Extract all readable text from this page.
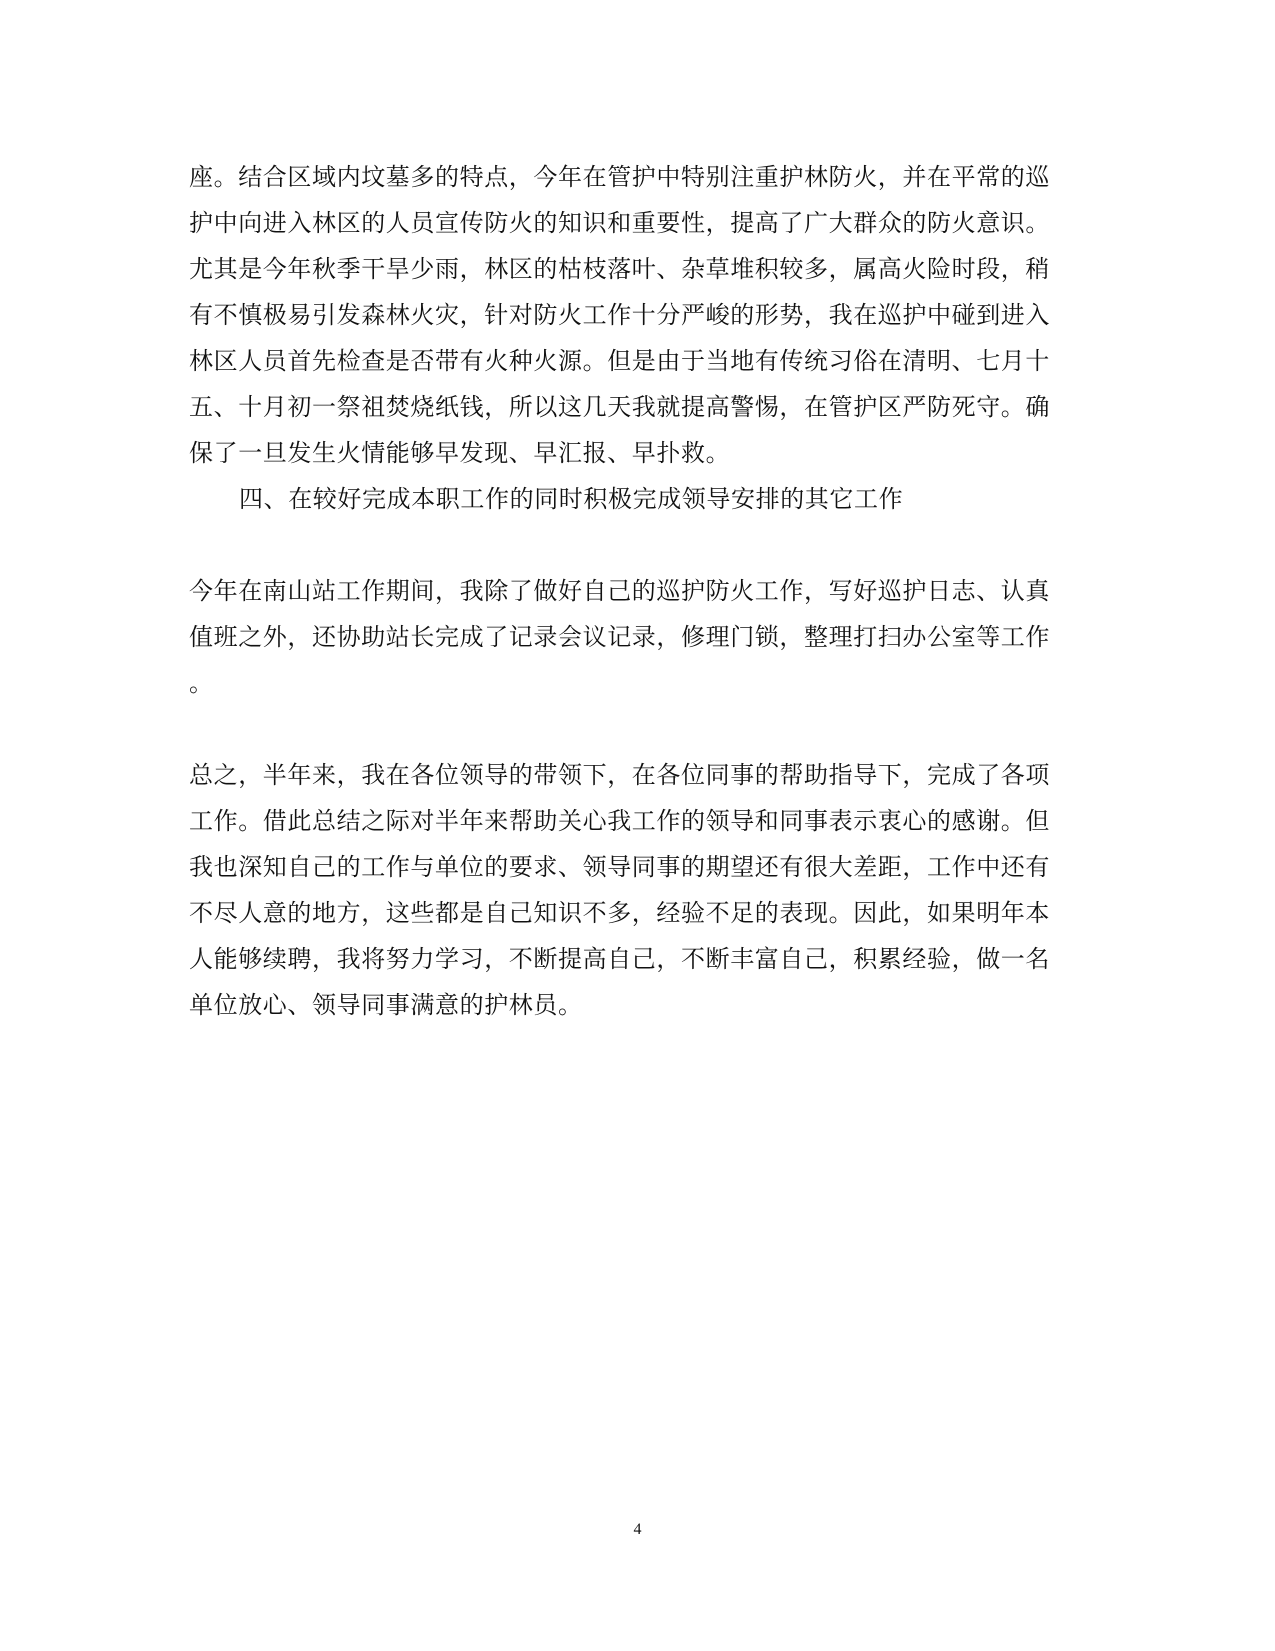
座。结合区域内坟墓多的特点，今年在管护中特别注重护林防火，并在平常的巡
护中向进入林区的人员宣传防火的知识和重要性，提高了广大群众的防火意识。
尤其是今年秋季干旱少雨，林区的枯枝落叶、杂草堆积较多，属高火险时段，稍
有不慎极易引发森林火灾，针对防火工作十分严峻的形势，我在巡护中碰到进入
林区人员首先检查是否带有火种火源。但是由于当地有传统习俗在清明、七月十
五、十月初一祭祖焚烧纸钱，所以这几天我就提高警惕，在管护区严防死守。确
保了一旦发生火情能够早发现、早汇报、早扑救。
四、在较好完成本职工作的同时积极完成领导安排的其它工作
今年在南山站工作期间，我除了做好自己的巡护防火工作，写好巡护日志、认真
值班之外，还协助站长完成了记录会议记录，修理门锁，整理打扫办公室等工作
。
总之，半年来，我在各位领导的带领下，在各位同事的帮助指导下，完成了各项
工作。借此总结之际对半年来帮助关心我工作的领导和同事表示衷心的感谢。但
我也深知自己的工作与单位的要求、领导同事的期望还有很大差距，工作中还有
不尽人意的地方，这些都是自己知识不多，经验不足的表现。因此，如果明年本
人能够续聘，我将努力学习，不断提高自己，不断丰富自己，积累经验，做一名
单位放心、领导同事满意的护林员。
4
